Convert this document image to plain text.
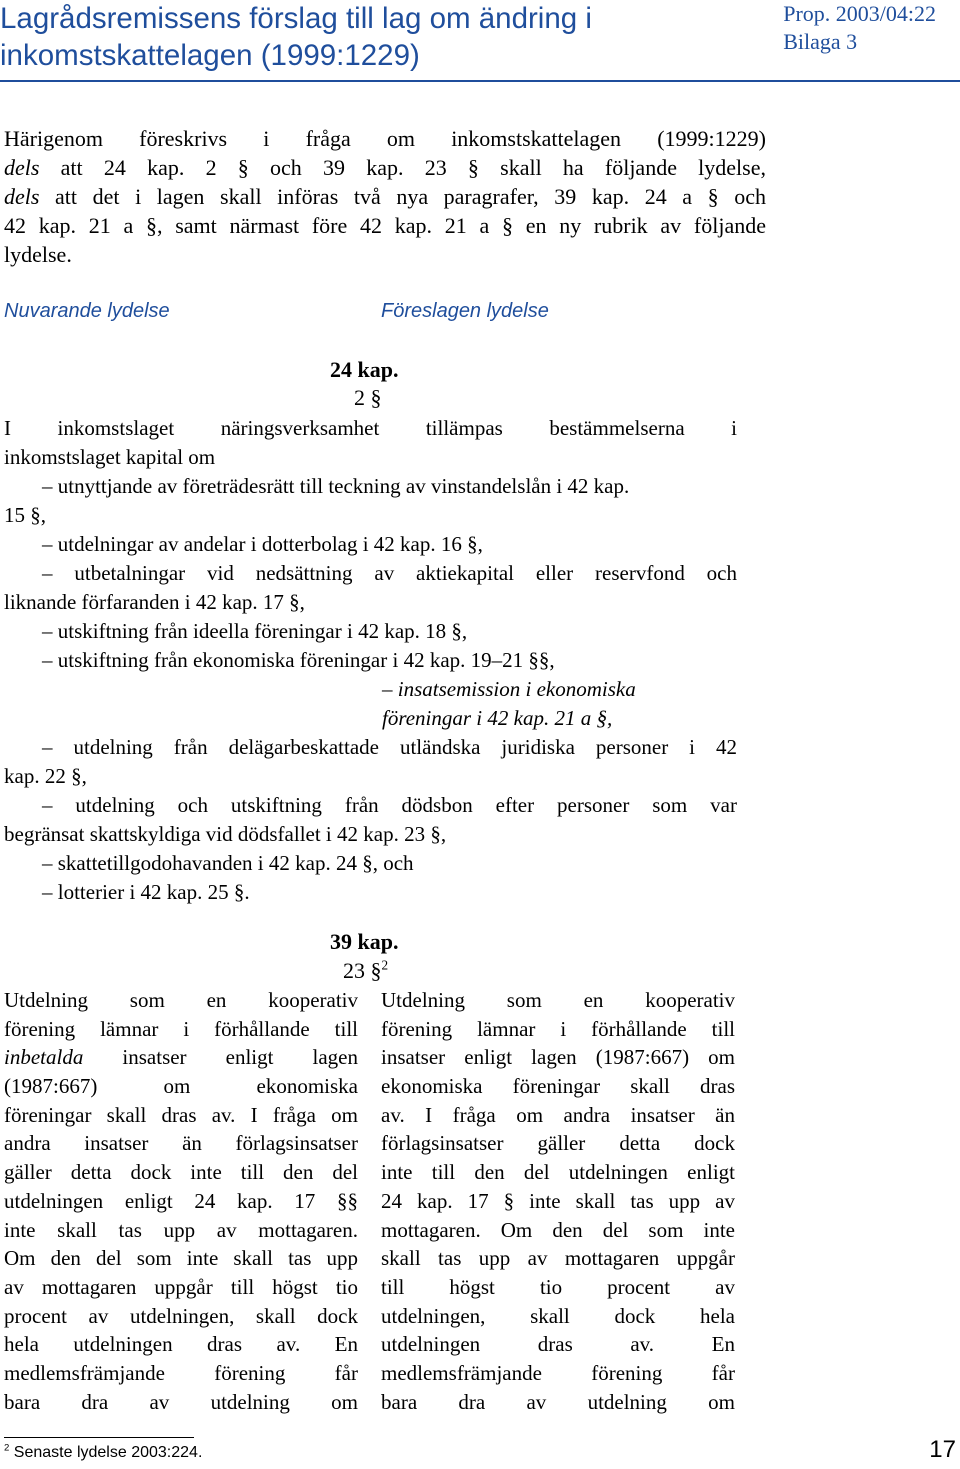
Lagrådsremissens förslag till lag om ändring i
inkomstskattelagen (1999:1229)
Prop. 2003/04:22
Bilaga 3

Härigenom föreskrivs i fråga om inkomstskattelagen (1999:1229)
dels att 24 kap. 2 § och 39 kap. 23 § skall ha följande lydelse,
dels att det i lagen skall införas två nya paragrafer, 39 kap. 24 a § och
42 kap. 21 a §, samt närmast före 42 kap. 21 a § en ny rubrik av följande
lydelse.

Nuvarande lydelse	Föreslagen lydelse
24 kap.
2 §
I inkomstslaget näringsverksamhet tillämpas bestämmelserna i
inkomstslaget kapital om
– utnyttjande av företrädesrätt till teckning av vinstandelslån i 42 kap.
15 §,
– utdelningar av andelar i dotterbolag i 42 kap. 16 §,
– utbetalningar vid nedsättning av aktiekapital eller reservfond och
liknande förfaranden i 42 kap. 17 §,
– utskiftning från ideella föreningar i 42 kap. 18 §,
– utskiftning från ekonomiska föreningar i 42 kap. 19–21 §§,
– insatsemission i ekonomiska
föreningar i 42 kap. 21 a §,
– utdelning från delägarbeskattade utländska juridiska personer i 42
kap. 22 §,
– utdelning och utskiftning från dödsbon efter personer som var
begränsat skattskyldiga vid dödsfallet i 42 kap. 23 §,
– skattetillgodohavanden i 42 kap. 24 §, och
– lotterier i 42 kap. 25 §.
39 kap.
23 §$^2$
Utdelning som en kooperativ
förening lämnar i förhållande till
inbetalda insatser enligt lagen
(1987:667) om ekonomiska
föreningar skall dras av. I fråga om
andra insatser än förlagsinsatser
gäller detta dock inte till den del
utdelningen enligt 24 kap. 17 §§
inte skall tas upp av mottagaren.
Om den del som inte skall tas upp
av mottagaren uppgår till högst tio
procent av utdelningen, skall dock
hela utdelningen dras av. En
medlemsfrämjande förening får
bara dra av utdelning om
Utdelning som en kooperativ
förening lämnar i förhållande till
insatser enligt lagen (1987:667) om
ekonomiska föreningar skall dras
av. I fråga om andra insatser än
förlagsinsatser gäller detta dock
inte till den del utdelningen enligt
24 kap. 17 § inte skall tas upp av
mottagaren. Om den del som inte
skall tas upp av mottagaren uppgår
till högst tio procent av
utdelningen, skall dock hela
utdelningen dras av. En
medlemsfrämjande förening får
bara dra av utdelning om
$^2$ Senaste lydelse 2003:224.	17
